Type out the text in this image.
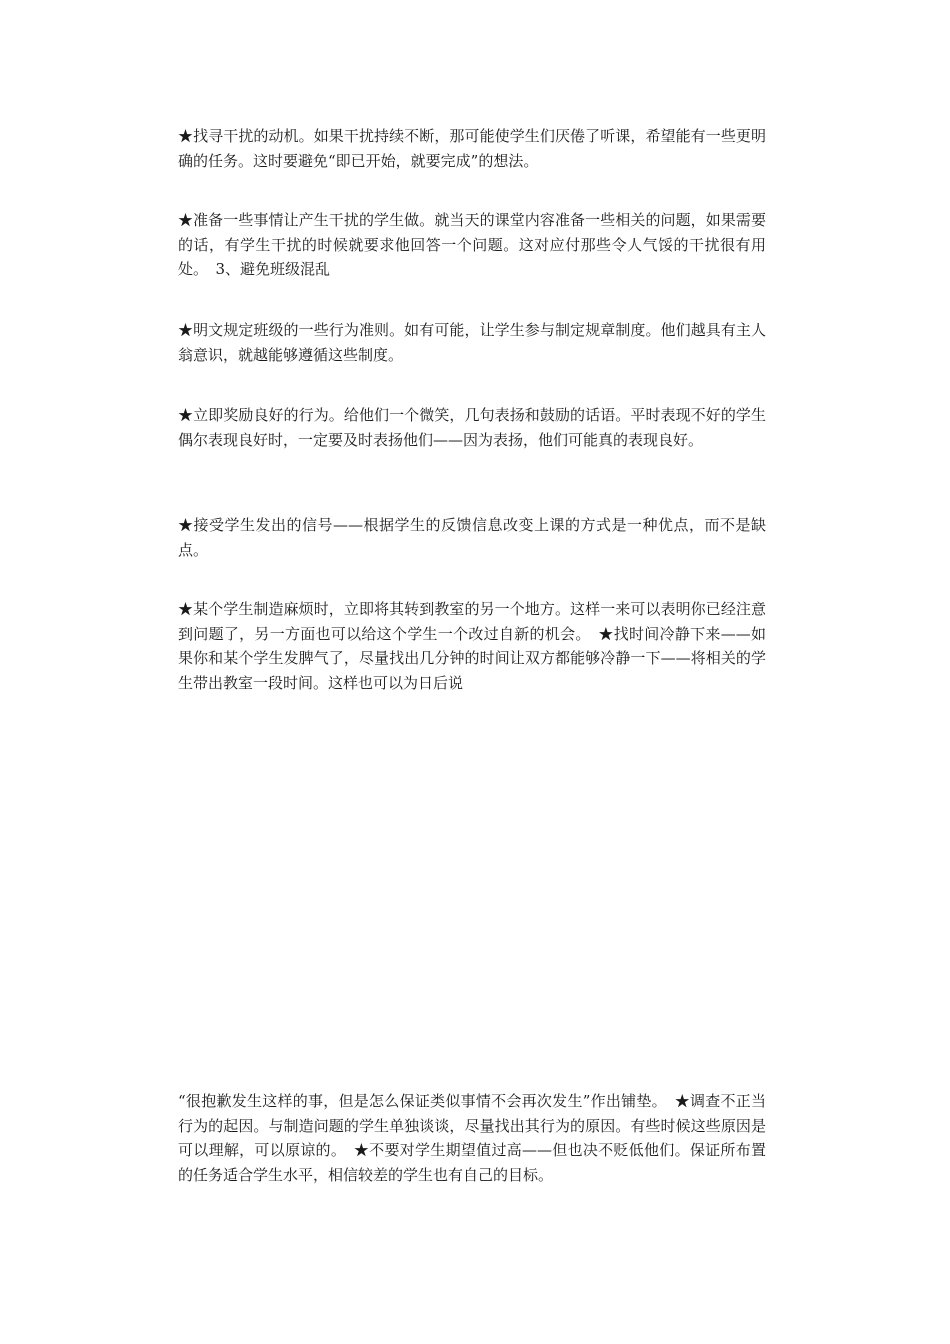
★找寻干扰的动机。如果干扰持续不断，那可能使学生们厌倦了听课，希望能有一些更明确的任务。这时要避免“即已开始，就要完成”的想法。

★准备一些事情让产生干扰的学生做。就当天的课堂内容准备一些相关的问题，如果需要的话，有学生干扰的时候就要求他回答一个问题。这对应付那些令人气馁的干扰很有用处。　3、避免班级混乱

★明文规定班级的一些行为准则。如有可能，让学生参与制定规章制度。他们越具有主人翁意识，就越能够遵循这些制度。

★立即奖励良好的行为。给他们一个微笑，几句表扬和鼓励的话语。平时表现不好的学生偶尔表现良好时，一定要及时表扬他们——因为表扬，他们可能真的表现良好。

★接受学生发出的信号——根据学生的反馈信息改变上课的方式是一种优点，而不是缺点。

★某个学生制造麻烦时，立即将其转到教室的另一个地方。这样一来可以表明你已经注意到问题了，另一方面也可以给这个学生一个改过自新的机会。　★找时间冷静下来——如果你和某个学生发脾气了，尽量找出几分钟的时间让双方都能够冷静一下——将相关的学生带出教室一段时间。这样也可以为日后说

“很抱歉发生这样的事，但是怎么保证类似事情不会再次发生”作出铺垫。　★调查不正当行为的起因。与制造问题的学生单独谈谈，尽量找出其行为的原因。有些时候这些原因是可以理解，可以原谅的。　★不要对学生期望值过高——但也决不贬低他们。保证所布置的任务适合学生水平，相信较差的学生也有自己的目标。
